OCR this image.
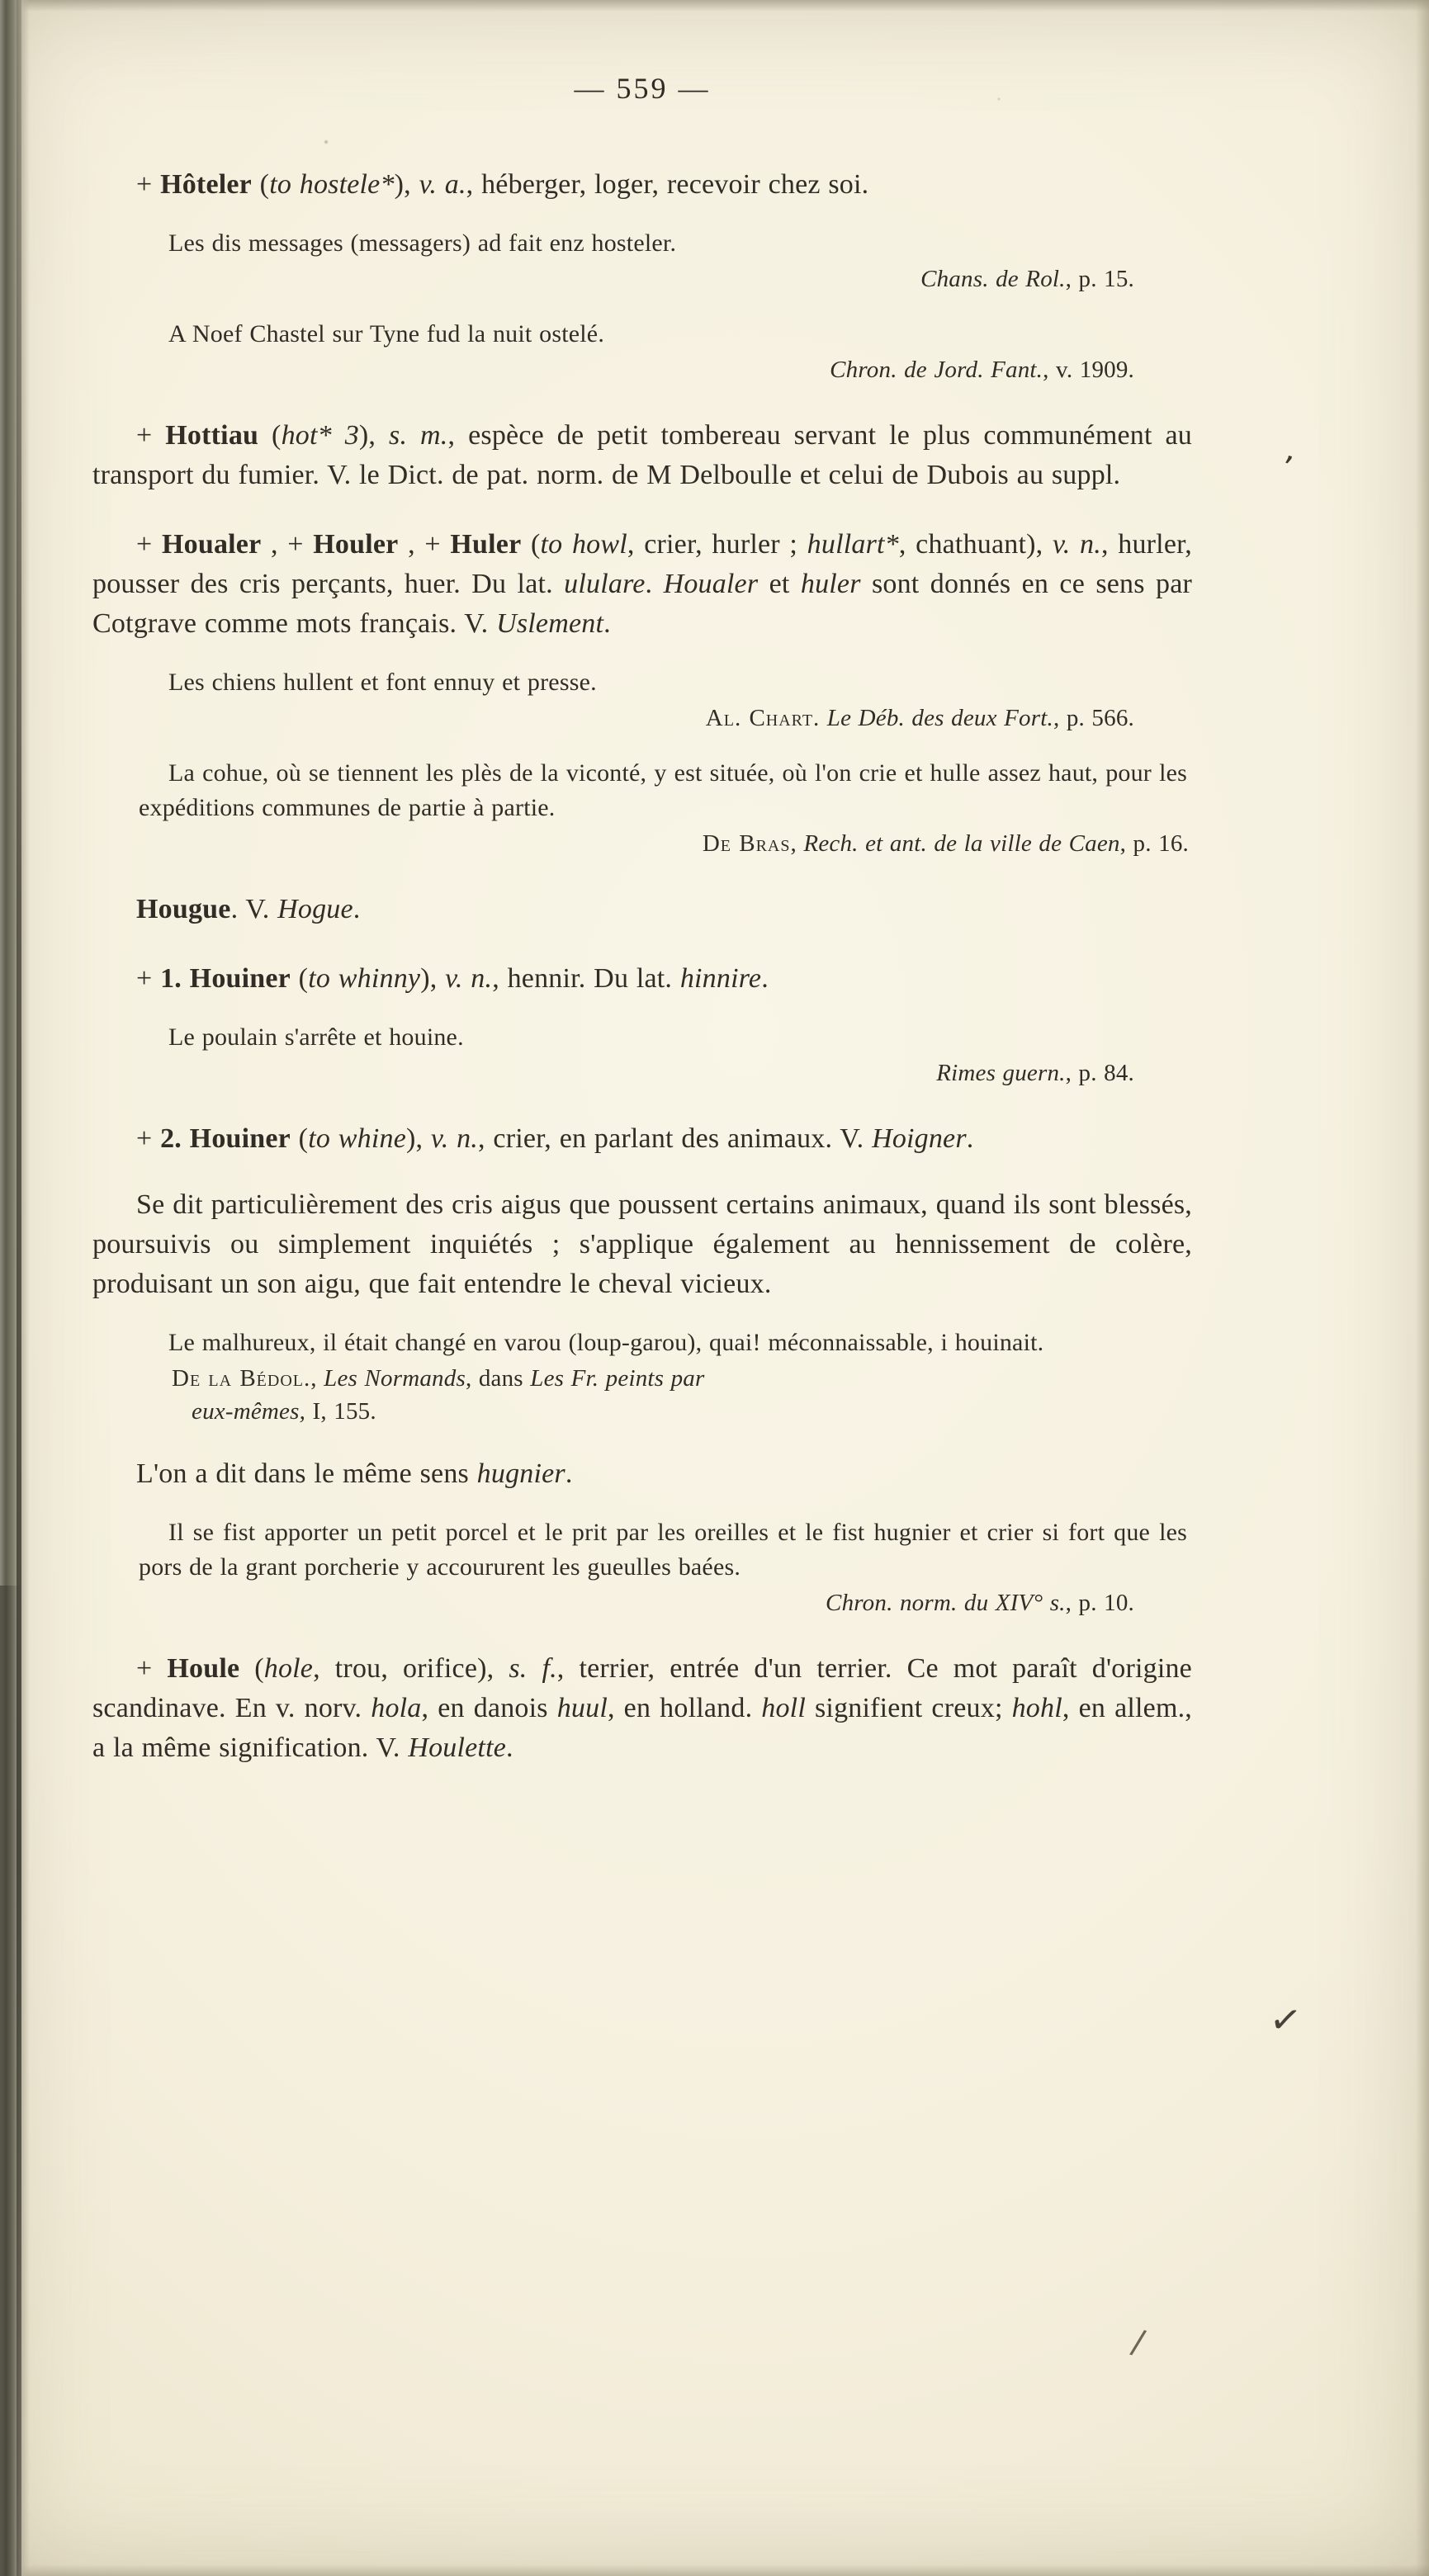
— 559 —

+ Hôteler (to hostele*), v. a., héberger, loger, recevoir chez soi.

Les dis messages (messagers) ad fait enz hosteler.

Chans. de Rol., p. 15.

A Noef Chastel sur Tyne fud la nuit ostelé.

Chron. de Jord. Fant., v. 1909.

+ Hottiau (hot* 3), s. m., espèce de petit tombereau servant le plus communément au transport du fumier. V. le Dict. de pat. norm. de M Delboulle et celui de Dubois au suppl.

+ Houaler , + Houler , + Huler (to howl, crier, hurler ; hullart*, chathuant), v. n., hurler, pousser des cris perçants, huer. Du lat. ululare. Houaler et huler sont donnés en ce sens par Cotgrave comme mots français. V. Uslement.

Les chiens hullent et font ennuy et presse.

Al. Chart. Le Déb. des deux Fort., p. 566.

La cohue, où se tiennent les plès de la viconté, y est située, où l'on crie et hulle assez haut, pour les expéditions communes de partie à partie.

De Bras, Rech. et ant. de la ville de Caen, p. 16.

Hougue. V. Hogue.

+ 1. Houiner (to whinny), v. n., hennir. Du lat. hinnire.

Le poulain s'arrête et houine.

Rimes guern., p. 84.

+ 2. Houiner (to whine), v. n., crier, en parlant des animaux. V. Hoigner.

Se dit particulièrement des cris aigus que poussent certains animaux, quand ils sont blessés, poursuivis ou simplement inquiétés ; s'applique également au hennissement de colère, produisant un son aigu, que fait entendre le cheval vicieux.

Le malhureux, il était changé en varou (loup-garou), quai! méconnaissable, i houinait.

De la Bédol., Les Normands, dans Les Fr. peints par

eux-mêmes, I, 155.

L'on a dit dans le même sens hugnier.

Il se fist apporter un petit porcel et le prit par les oreilles et le fist hugnier et crier si fort que les pors de la grant porcherie y accoururent les gueulles baées.

Chron. norm. du XIV° s., p. 10.

+ Houle (hole, trou, orifice), s. f., terrier, entrée d'un terrier. Ce mot paraît d'origine scandinave. En v. norv. hola, en danois huul, en holland. holl signifient creux; hohl, en allem., a la même signification. V. Houlette.

’
✓
/
